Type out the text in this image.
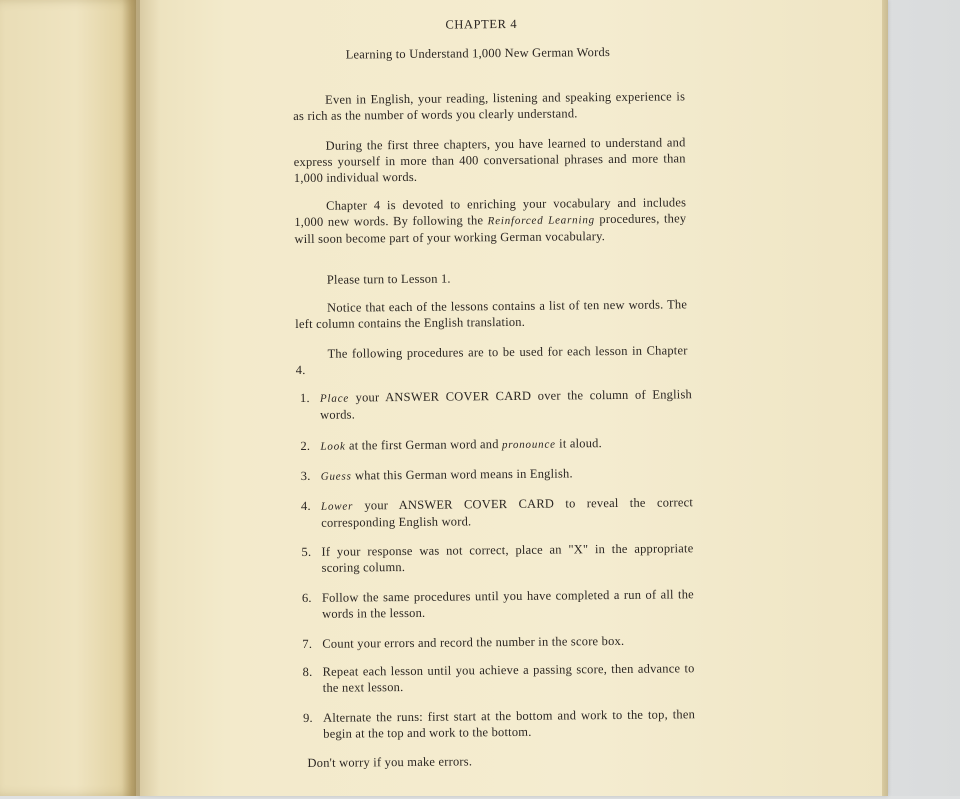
CHAPTER 4
Learning to Understand 1,000 New German Words
Even in English, your reading, listening and speaking experience is as rich as the number of words you clearly understand.
During the first three chapters, you have learned to understand and express yourself in more than 400 conversational phrases and more than 1,000 individual words.
Chapter 4 is devoted to enriching your vocabulary and includes 1,000 new words. By following the Reinforced Learning procedures, they will soon become part of your working German vocabulary.
Please turn to Lesson 1.
Notice that each of the lessons contains a list of ten new words. The left column contains the English translation.
The following procedures are to be used for each lesson in Chapter 4.
1. Place your ANSWER COVER CARD over the column of English words.
2. Look at the first German word and pronounce it aloud.
3. Guess what this German word means in English.
4. Lower your ANSWER COVER CARD to reveal the correct corresponding English word.
5. If your response was not correct, place an "X" in the appropriate scoring column.
6. Follow the same procedures until you have completed a run of all the words in the lesson.
7. Count your errors and record the number in the score box.
8. Repeat each lesson until you achieve a passing score, then advance to the next lesson.
9. Alternate the runs: first start at the bottom and work to the top, then begin at the top and work to the bottom.
Don't worry if you make errors.
